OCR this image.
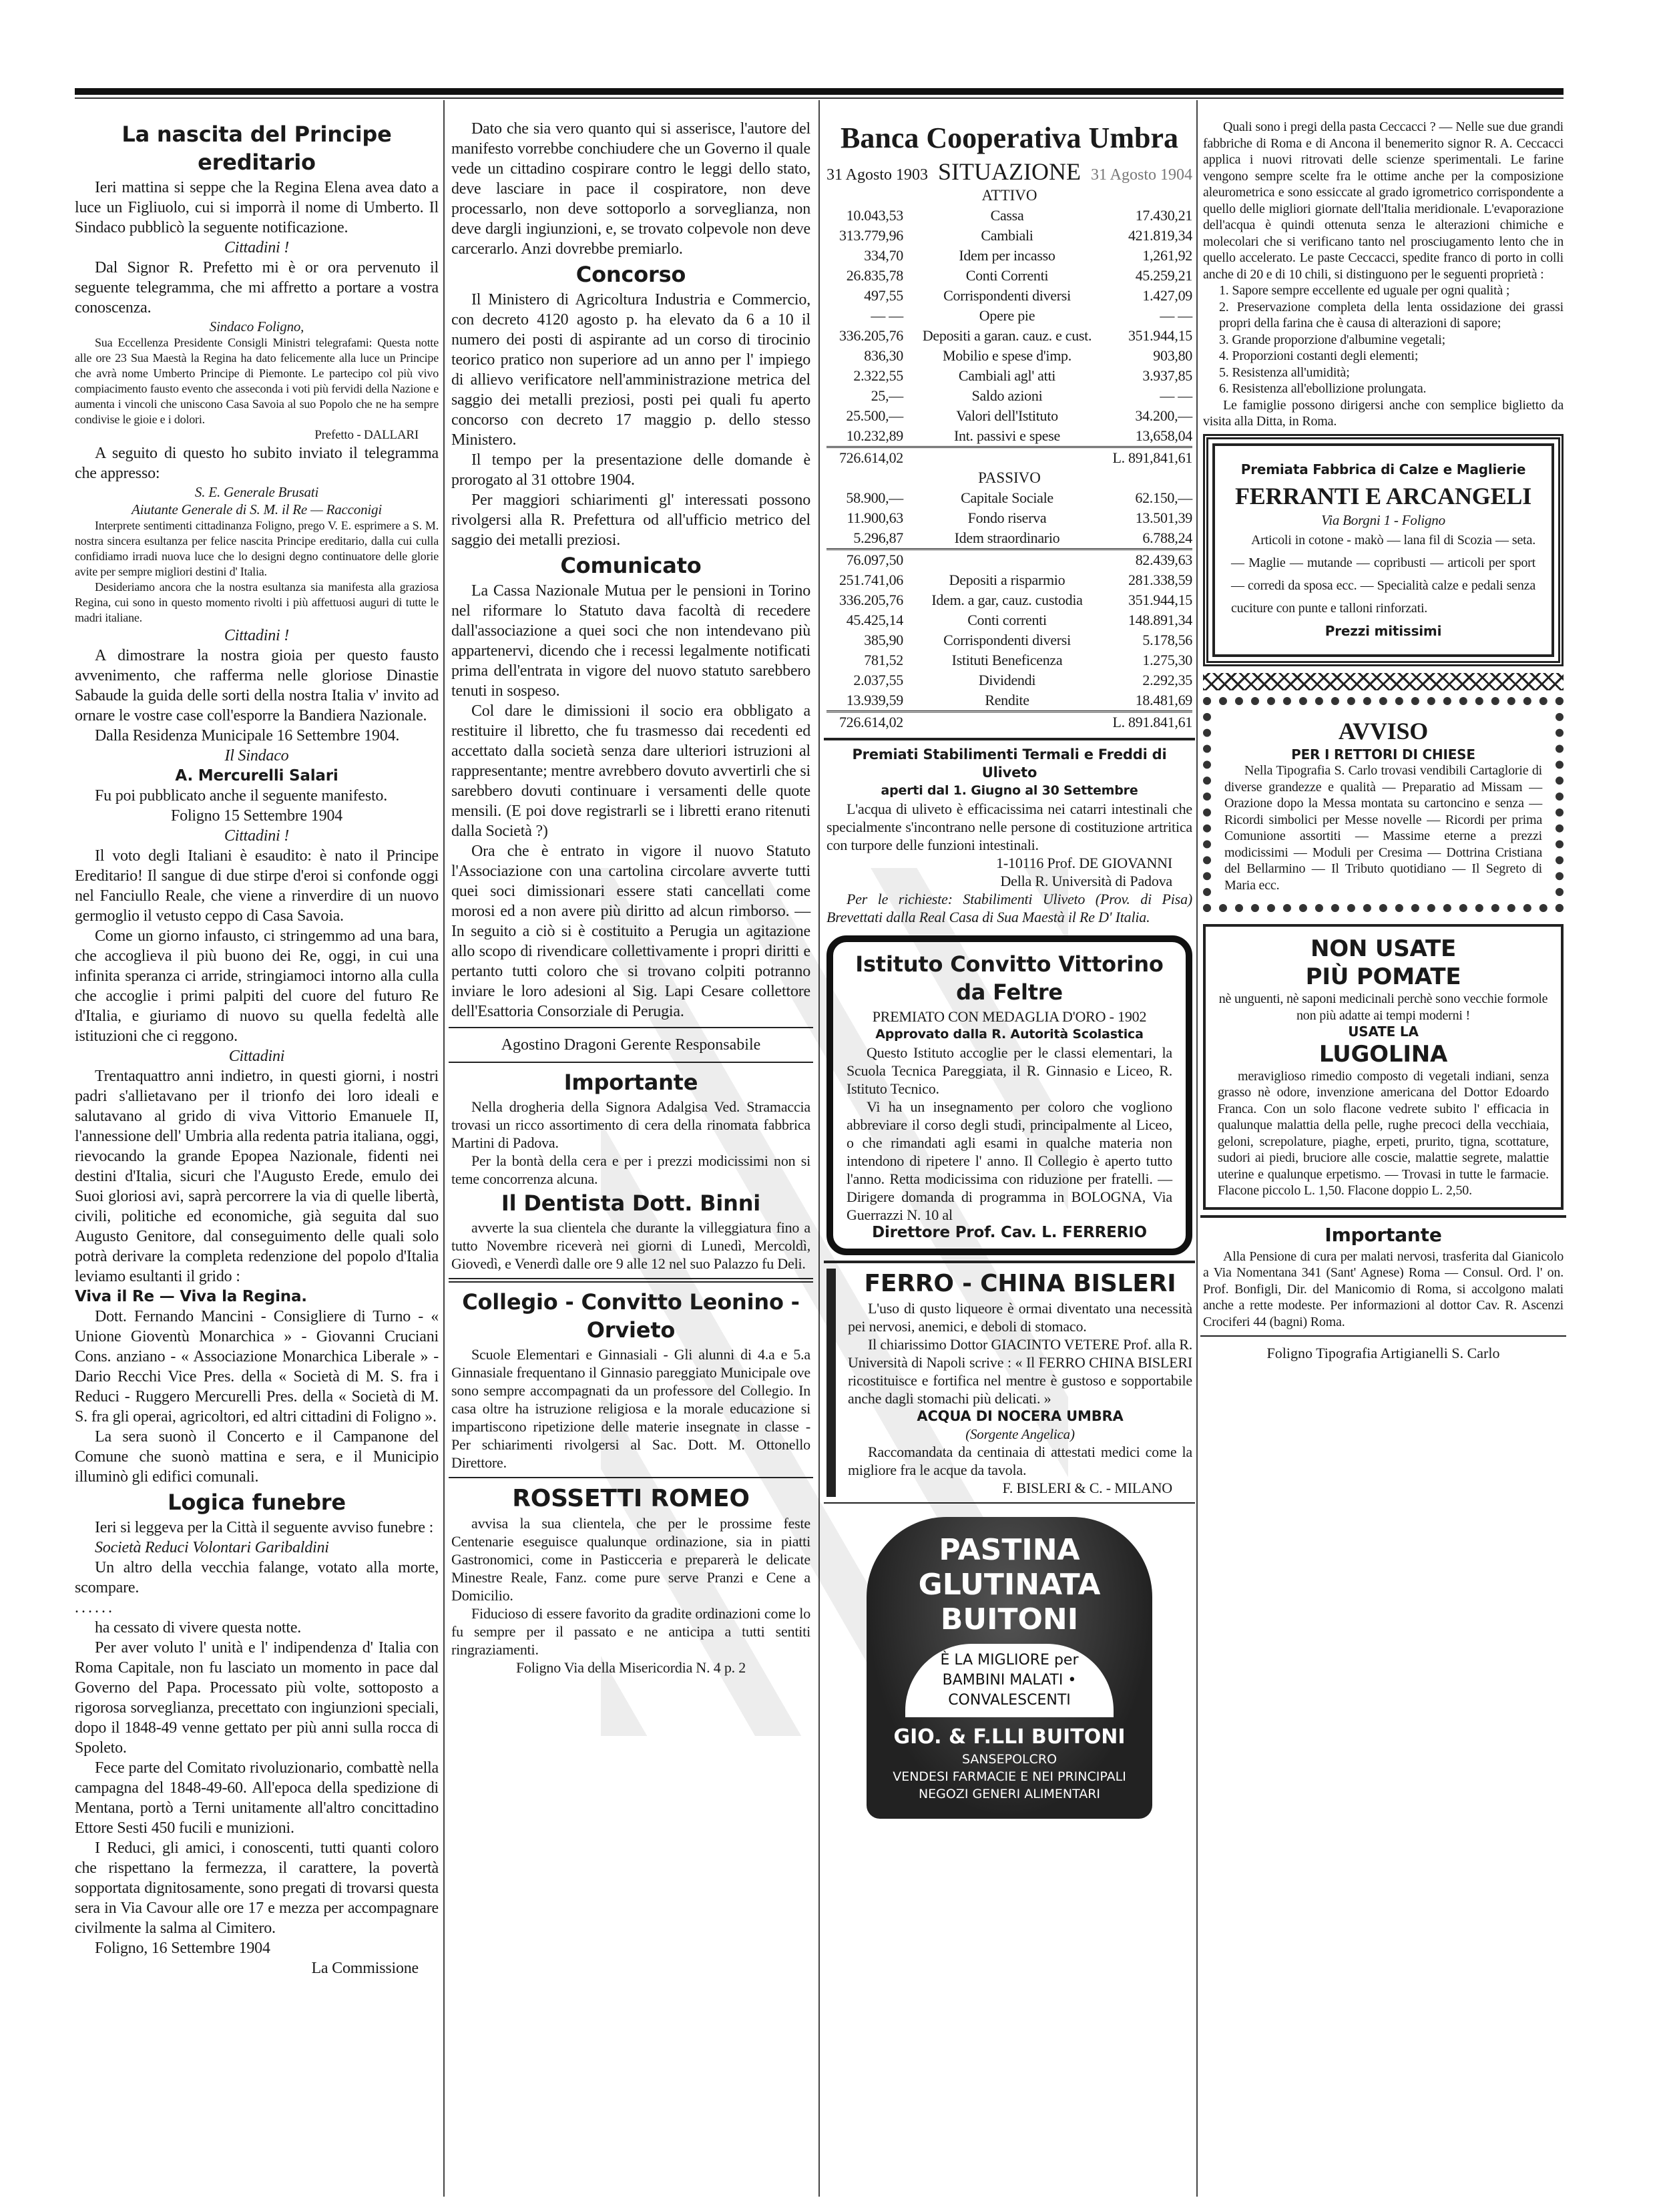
La nascita del Principe ereditario

Ieri mattina si seppe che la Regina Elena avea dato a luce un Figliuolo, cui si imporrà il nome di Umberto. Il Sindaco pubblicò la seguente notificazione.

Cittadini !

Dal Signor R. Prefetto mi è or ora pervenuto il seguente telegramma, che mi affretto a portare a vostra conoscenza.

Sindaco Foligno,

Sua Eccellenza Presidente Consigli Ministri telegrafami: Questa notte alle ore 23 Sua Maestà la Regina ha dato felicemente alla luce un Principe che avrà nome Umberto Principe di Piemonte. Le partecipo col più vivo compiacimento fausto evento che asseconda i voti più fervidi della Nazione e aumenta i vincoli che uniscono Casa Savoia al suo Popolo che ne ha sempre condivise le gioie e i dolori.

Prefetto - DALLARI

A seguito di questo ho subito inviato il telegramma che appresso:

S. E. Generale Brusati

Aiutante Generale di S. M. il Re — Racconigi

Interprete sentimenti cittadinanza Foligno, prego V. E. esprimere a S. M. nostra sincera esultanza per felice nascita Principe ereditario, dalla cui culla confidiamo irradi nuova luce che lo designi degno continuatore delle glorie avite per sempre migliori destini d' Italia.

Desideriamo ancora che la nostra esultanza sia manifesta alla graziosa Regina, cui sono in questo momento rivolti i più affettuosi auguri di tutte le madri italiane.

Cittadini !

A dimostrare la nostra gioia per questo fausto avvenimento, che rafferma nelle gloriose Dinastie Sabaude la guida delle sorti della nostra Italia v' invito ad ornare le vostre case coll'esporre la Bandiera Nazionale.

Dalla Residenza Municipale 16 Settembre 1904.

Il Sindaco

A. Mercurelli Salari

Fu poi pubblicato anche il seguente manifesto.

Foligno 15 Settembre 1904

Cittadini !

Il voto degli Italiani è esaudito: è nato il Principe Ereditario! Il sangue di due stirpe d'eroi si confonde oggi nel Fanciullo Reale, che viene a rinverdire di un nuovo germoglio il vetusto ceppo di Casa Savoia.

Come un giorno infausto, ci stringemmo ad una bara, che accoglieva il più buono dei Re, oggi, in cui una infinita speranza ci arride, stringiamoci intorno alla culla che accoglie i primi palpiti del cuore del futuro Re d'Italia, e giuriamo di nuovo su quella fedeltà alle istituzioni che ci reggono.

Cittadini

Trentaquattro anni indietro, in questi giorni, i nostri padri s'allietavano per il trionfo dei loro ideali e salutavano al grido di viva Vittorio Emanuele II, l'annessione dell' Umbria alla redenta patria italiana, oggi, rievocando la grande Epopea Nazionale, fidenti nei destini d'Italia, sicuri che l'Augusto Erede, emulo dei Suoi gloriosi avi, saprà percorrere la via di quelle libertà, civili, politiche ed economiche, già seguita dal suo Augusto Genitore, dal conseguimento delle quali solo potrà derivare la completa redenzione del popolo d'Italia leviamo esultanti il grido :

Viva il Re — Viva la Regina.

Dott. Fernando Mancini - Consigliere di Turno - « Unione Gioventù Monarchica » - Giovanni Cruciani Cons. anziano - « Associazione Monarchica Liberale » - Dario Recchi Vice Pres. della « Società di M. S. fra i Reduci - Ruggero Mercurelli Pres. della « Società di M. S. fra gli operai, agricoltori, ed altri cittadini di Foligno ».

La sera suonò il Concerto e il Campanone del Comune che suonò mattina e sera, e il Municipio illuminò gli edifici comunali.

Logica funebre

Ieri si leggeva per la Città il seguente avviso funebre :

Società Reduci Volontari Garibaldini

Un altro della vecchia falange, votato alla morte, scompare.

......

ha cessato di vivere questa notte.

Per aver voluto l' unità e l' indipendenza d' Italia con Roma Capitale, non fu lasciato un momento in pace dal Governo del Papa. Processato più volte, sottoposto a rigorosa sorveglianza, precettato con ingiunzioni speciali, dopo il 1848-49 venne gettato per più anni sulla rocca di Spoleto.

Fece parte del Comitato rivoluzionario, combattè nella campagna del 1848-49-60. All'epoca della spedizione di Mentana, portò a Terni unitamente all'altro concittadino Ettore Sesti 450 fucili e munizioni.

I Reduci, gli amici, i conoscenti, tutti quanti coloro che rispettano la fermezza, il carattere, la povertà sopportata dignitosamente, sono pregati di trovarsi questa sera in Via Cavour alle ore 17 e mezza per accompagnare civilmente la salma al Cimitero.

Foligno, 16 Settembre 1904

La Commissione

Dato che sia vero quanto qui si asserisce, l'autore del manifesto vorrebbe conchiudere che un Governo il quale vede un cittadino cospirare contro le leggi dello stato, deve lasciare in pace il cospiratore, non deve processarlo, non deve sottoporlo a sorveglianza, non deve dargli ingiunzioni, e, se trovato colpevole non deve carcerarlo. Anzi dovrebbe premiarlo.

Concorso

Il Ministero di Agricoltura Industria e Commercio, con decreto 4120 agosto p. ha elevato da 6 a 10 il numero dei posti di aspirante ad un corso di tirocinio teorico pratico non superiore ad un anno per l' impiego di allievo verificatore nell'amministrazione metrica del saggio dei metalli preziosi, posti pei quali fu aperto concorso con decreto 17 maggio p. dello stesso Ministero.

Il tempo per la presentazione delle domande è prorogato al 31 ottobre 1904.

Per maggiori schiarimenti gl' interessati possono rivolgersi alla R. Prefettura od all'ufficio metrico del saggio dei metalli preziosi.

Comunicato

La Cassa Nazionale Mutua per le pensioni in Torino nel riformare lo Statuto dava facoltà di recedere dall'associazione a quei soci che non intendevano più appartenervi, dicendo che i recessi legalmente notificati prima dell'entrata in vigore del nuovo statuto sarebbero tenuti in sospeso.

Col dare le dimissioni il socio era obbligato a restituire il libretto, che fu trasmesso dai recedenti ed accettato dalla società senza dare ulteriori istruzioni al rappresentante; mentre avrebbero dovuto avvertirli che si sarebbero dovuti continuare i versamenti delle quote mensili. (E poi dove registrarli se i libretti erano ritenuti dalla Società ?)

Ora che è entrato in vigore il nuovo Statuto l'Associazione con una cartolina circolare avverte tutti quei soci dimissionari essere stati cancellati come morosi ed a non avere più diritto ad alcun rimborso. — In seguito a ciò si è costituito a Perugia un agitazione allo scopo di rivendicare collettivamente i propri diritti e pertanto tutti coloro che si trovano colpiti potranno inviare le loro adesioni al Sig. Lapi Cesare collettore dell'Esattoria Consorziale di Perugia.

Agostino Dragoni Gerente Responsabile

Importante

Nella drogheria della Signora Adalgisa Ved. Stramaccia trovasi un ricco assortimento di cera della rinomata fabbrica Martini di Padova.

Per la bontà della cera e per i prezzi modicissimi non si teme concorrenza alcuna.

Il Dentista Dott. Binni

avverte la sua clientela che durante la villeggiatura fino a tutto Novembre riceverà nei giorni di Lunedì, Mercoldì, Giovedì, e Venerdì dalle ore 9 alle 12 nel suo Palazzo fu Deli.

Collegio - Convitto Leonino - Orvieto

Scuole Elementari e Ginnasiali - Gli alunni di 4.a e 5.a Ginnasiale frequentano il Ginnasio pareggiato Municipale ove sono sempre accompagnati da un professore del Collegio. In casa oltre ha istruzione religiosa e la morale educazione si impartiscono ripetizione delle materie insegnate in classe - Per schiarimenti rivolgersi al Sac. Dott. M. Ottonello Direttore.

ROSSETTI ROMEO

avvisa la sua clientela, che per le prossime feste Centenarie eseguisce qualunque ordinazione, sia in piatti Gastronomici, come in Pasticceria e preparerà le delicate Minestre Reale, Fanz. come pure serve Pranzi e Cene a Domicilio.

Fiducioso di essere favorito da gradite ordinazioni come lo fu sempre per il passato e ne anticipa a tutti sentiti ringraziamenti.

Foligno Via della Misericordia N. 4 p. 2

Banca Cooperativa Umbra
31 Agosto 1903 SITUAZIONE 31 Agosto 1904
ATTIVO
10.043,53	Cassa	17.430,21
313.779,96	Cambiali	421.819,34
334,70	Idem per incasso	1,261,92
26.835,78	Conti Correnti	45.259,21
497,55	Corrispondenti diversi	1.427,09
— —	Opere pie	— —
336.205,76	Depositi a garan. cauz. e cust.	351.944,15
836,30	Mobilio e spese d'imp.	903,80
2.322,55	Cambiali agl' atti	3.937,85
25,—	Saldo azioni	— —
25.500,—	Valori dell'Istituto	34.200,—
10.232,89	Int. passivi e spese	13,658,04
726.614,02	L. 891,841,61
PASSIVO
58.900,—	Capitale Sociale	62.150,—
11.900,63	Fondo riserva	13.501,39
5.296,87	Idem straordinario	6.788,24
76.097,50	82.439,63
251.741,06	Depositi a risparmio	281.338,59
336.205,76	Idem. a gar, cauz. custodia	351.944,15
45.425,14	Conti correnti	148.891,34
385,90	Corrispondenti diversi	5.178,56
781,52	Istituti Beneficenza	1.275,30
2.037,55	Dividendi	2.292,35
13.939,59	Rendite	18.481,69
726.614,02	L. 891.841,61

Premiati Stabilimenti Termali e Freddi di Uliveto

aperti dal 1. Giugno al 30 Settembre

L'acqua di uliveto è efficacissima nei catarri intestinali che specialmente s'incontrano nelle persone di costituzione artritica con turpore delle funzioni intestinali.

1-10116 Prof. DE GIOVANNI

Della R. Università di Padova

Per le richieste: Stabilimenti Uliveto (Prov. di Pisa) Brevettati dalla Real Casa di Sua Maestà il Re D' Italia.

Istituto Convitto Vittorino da Feltre

PREMIATO CON MEDAGLIA D'ORO - 1902

Approvato dalla R. Autorità Scolastica

Questo Istituto accoglie per le classi elementari, la Scuola Tecnica Pareggiata, il R. Ginnasio e Liceo, R. Istituto Tecnico.

Vi ha un insegnamento per coloro che vogliono abbreviare il corso degli studi, principalmente al Liceo, o che rimandati agli esami in qualche materia non intendono di ripetere l' anno. Il Collegio è aperto tutto l'anno. Retta modicissima con riduzione per fratelli. — Dirigere domanda di programma in BOLOGNA, Via Guerrazzi N. 10 al

Direttore Prof. Cav. L. FERRERIO

FERRO - CHINA BISLERI

L'uso di qusto liqueore è ormai diventato una necessità pei nervosi, anemici, e deboli di stomaco.

Il chiarissimo Dottor GIACINTO VETERE Prof. alla R. Università di Napoli scrive : « Il FERRO CHINA BISLERI ricostituisce e fortifica nel mentre è gustoso e sopportabile anche dagli stomachi più delicati. »

ACQUA DI NOCERA UMBRA

(Sorgente Angelica)

Raccomandata da centinaia di attestati medici come la migliore fra le acque da tavola.

F. BISLERI & C. - MILANO

PASTINA GLUTINATA BUITONI
È LA MIGLIORE per BAMBINI MALATI • CONVALESCENTI
GIO. & F.LLI BUITONI
SANSEPOLCRO
VENDESI FARMACIE E NEI PRINCIPALI NEGOZI GENERI ALIMENTARI

Quali sono i pregi della pasta Ceccacci ? — Nelle sue due grandi fabbriche di Roma e di Ancona il benemerito signor R. A. Ceccacci applica i nuovi ritrovati delle scienze sperimentali. Le farine vengono sempre scelte fra le ottime anche per la composizione aleurometrica e sono essiccate al grado igrometrico corrispondente a quello delle migliori giornate dell'Italia meridionale. L'evaporazione dell'acqua è quindi ottenuta senza le alterazioni chimiche e molecolari che si verificano tanto nel prosciugamento lento che in quello accelerato. Le paste Ceccacci, spedite franco di porto in colli anche di 20 e di 10 chili, si distinguono per le seguenti proprietà :

1. Sapore sempre eccellente ed uguale per ogni qualità ;

2. Preservazione completa della lenta ossidazione dei grassi propri della farina che è causa di alterazioni di sapore;

3. Grande proporzione d'albumine vegetali;

4. Proporzioni costanti degli elementi;

5. Resistenza all'umidità;

6. Resistenza all'ebollizione prolungata.

Le famiglie possono dirigersi anche con semplice biglietto da visita alla Ditta, in Roma.

Premiata Fabbrica di Calze e Maglierie

FERRANTI E ARCANGELI

Via Borgni 1 - Foligno

Articoli in cotone - makò — lana fil di Scozia — seta. — Maglie — mutande — copribusti — articoli per sport — corredi da sposa ecc. — Specialità calze e pedali senza cuciture con punte e talloni rinforzati.

Prezzi mitissimi

AVVISO

PER I RETTORI DI CHIESE

Nella Tipografia S. Carlo trovasi vendibili Cartaglorie di diverse grandezze e qualità — Preparatio ad Missam — Orazione dopo la Messa montata su cartoncino e senza — Ricordi simbolici per Messe novelle — Ricordi per prima Comunione assortiti — Massime eterne a prezzi modicissimi — Moduli per Cresima — Dottrina Cristiana del Bellarmino — Il Tributo quotidiano — Il Segreto di Maria ecc.

NON USATE

PIÙ POMATE

nè unguenti, nè saponi medicinali perchè sono vecchie formole non più adatte ai tempi moderni !

USATE LA

LUGOLINA

meraviglioso rimedio composto di vegetali indiani, senza grasso nè odore, invenzione americana del Dottor Edoardo Franca. Con un solo flacone vedrete subito l' efficacia in qualunque malattia della pelle, rughe precoci della vecchiaia, geloni, screpolature, piaghe, erpeti, prurito, tigna, scottature, sudori ai piedi, bruciore alle coscie, malattie segrete, malattie uterine e qualunque erpetismo. — Trovasi in tutte le farmacie. Flacone piccolo L. 1,50. Flacone doppio L. 2,50.

Importante

Alla Pensione di cura per malati nervosi, trasferita dal Gianicolo a Via Nomentana 341 (Sant' Agnese) Roma — Consul. Ord. l' on. Prof. Bonfigli, Dir. del Manicomio di Roma, si accolgono malati anche a rette modeste. Per informazioni al dottor Cav. R. Ascenzi Crociferi 44 (bagni) Roma.

Foligno Tipografia Artigianelli S. Carlo
